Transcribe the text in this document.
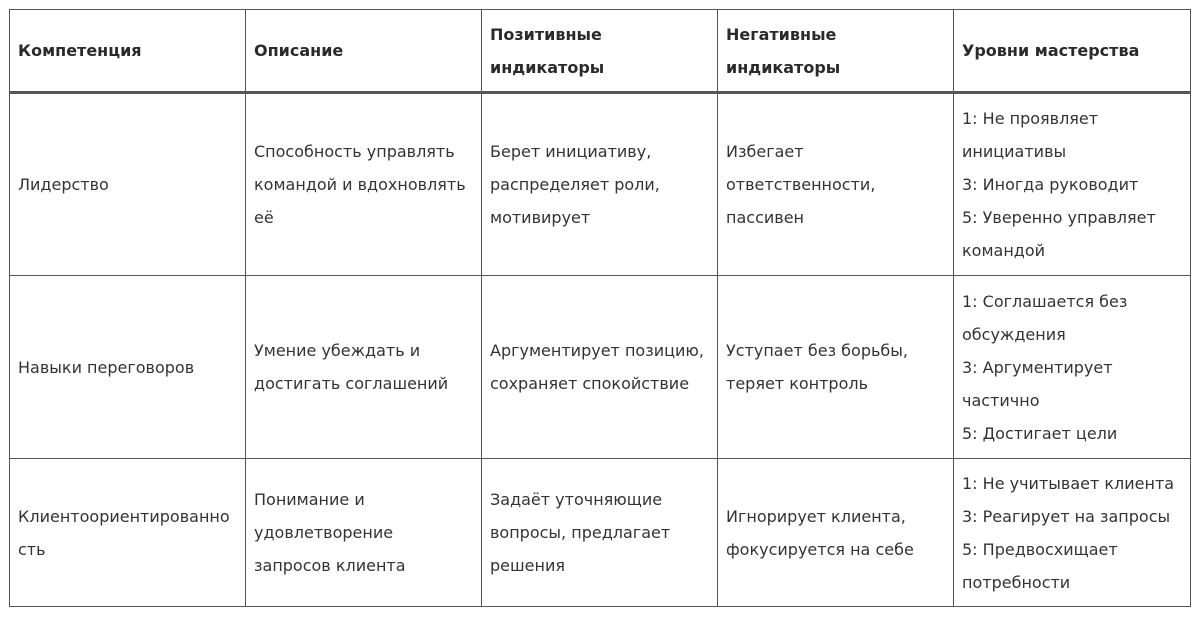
Компетенция	Описание	Позитивные индикаторы	Негативные индикаторы	Уровни мастерства
Лидерство	Способность управлять командой и вдохновлять её	Берет инициативу, распределяет роли, мотивирует	Избегает ответственности, пассивен	1: Не проявляет инициативы
3: Иногда руководит
5: Уверенно управляет командой

Навыки переговоров	Умение убеждать и достигать соглашений	Аргументирует позицию, сохраняет спокойствие	Уступает без борьбы, теряет контроль	1: Соглашается без обсуждения
3: Аргументирует частично
5: Достигает цели

Клиентоориентированность	Понимание и удовлетворение запросов клиента	Задаёт уточняющие вопросы, предлагает решения	Игнорирует клиента, фокусируется на себе	1: Не учитывает клиента
3: Реагирует на запросы
5: Предвосхищает потребности
